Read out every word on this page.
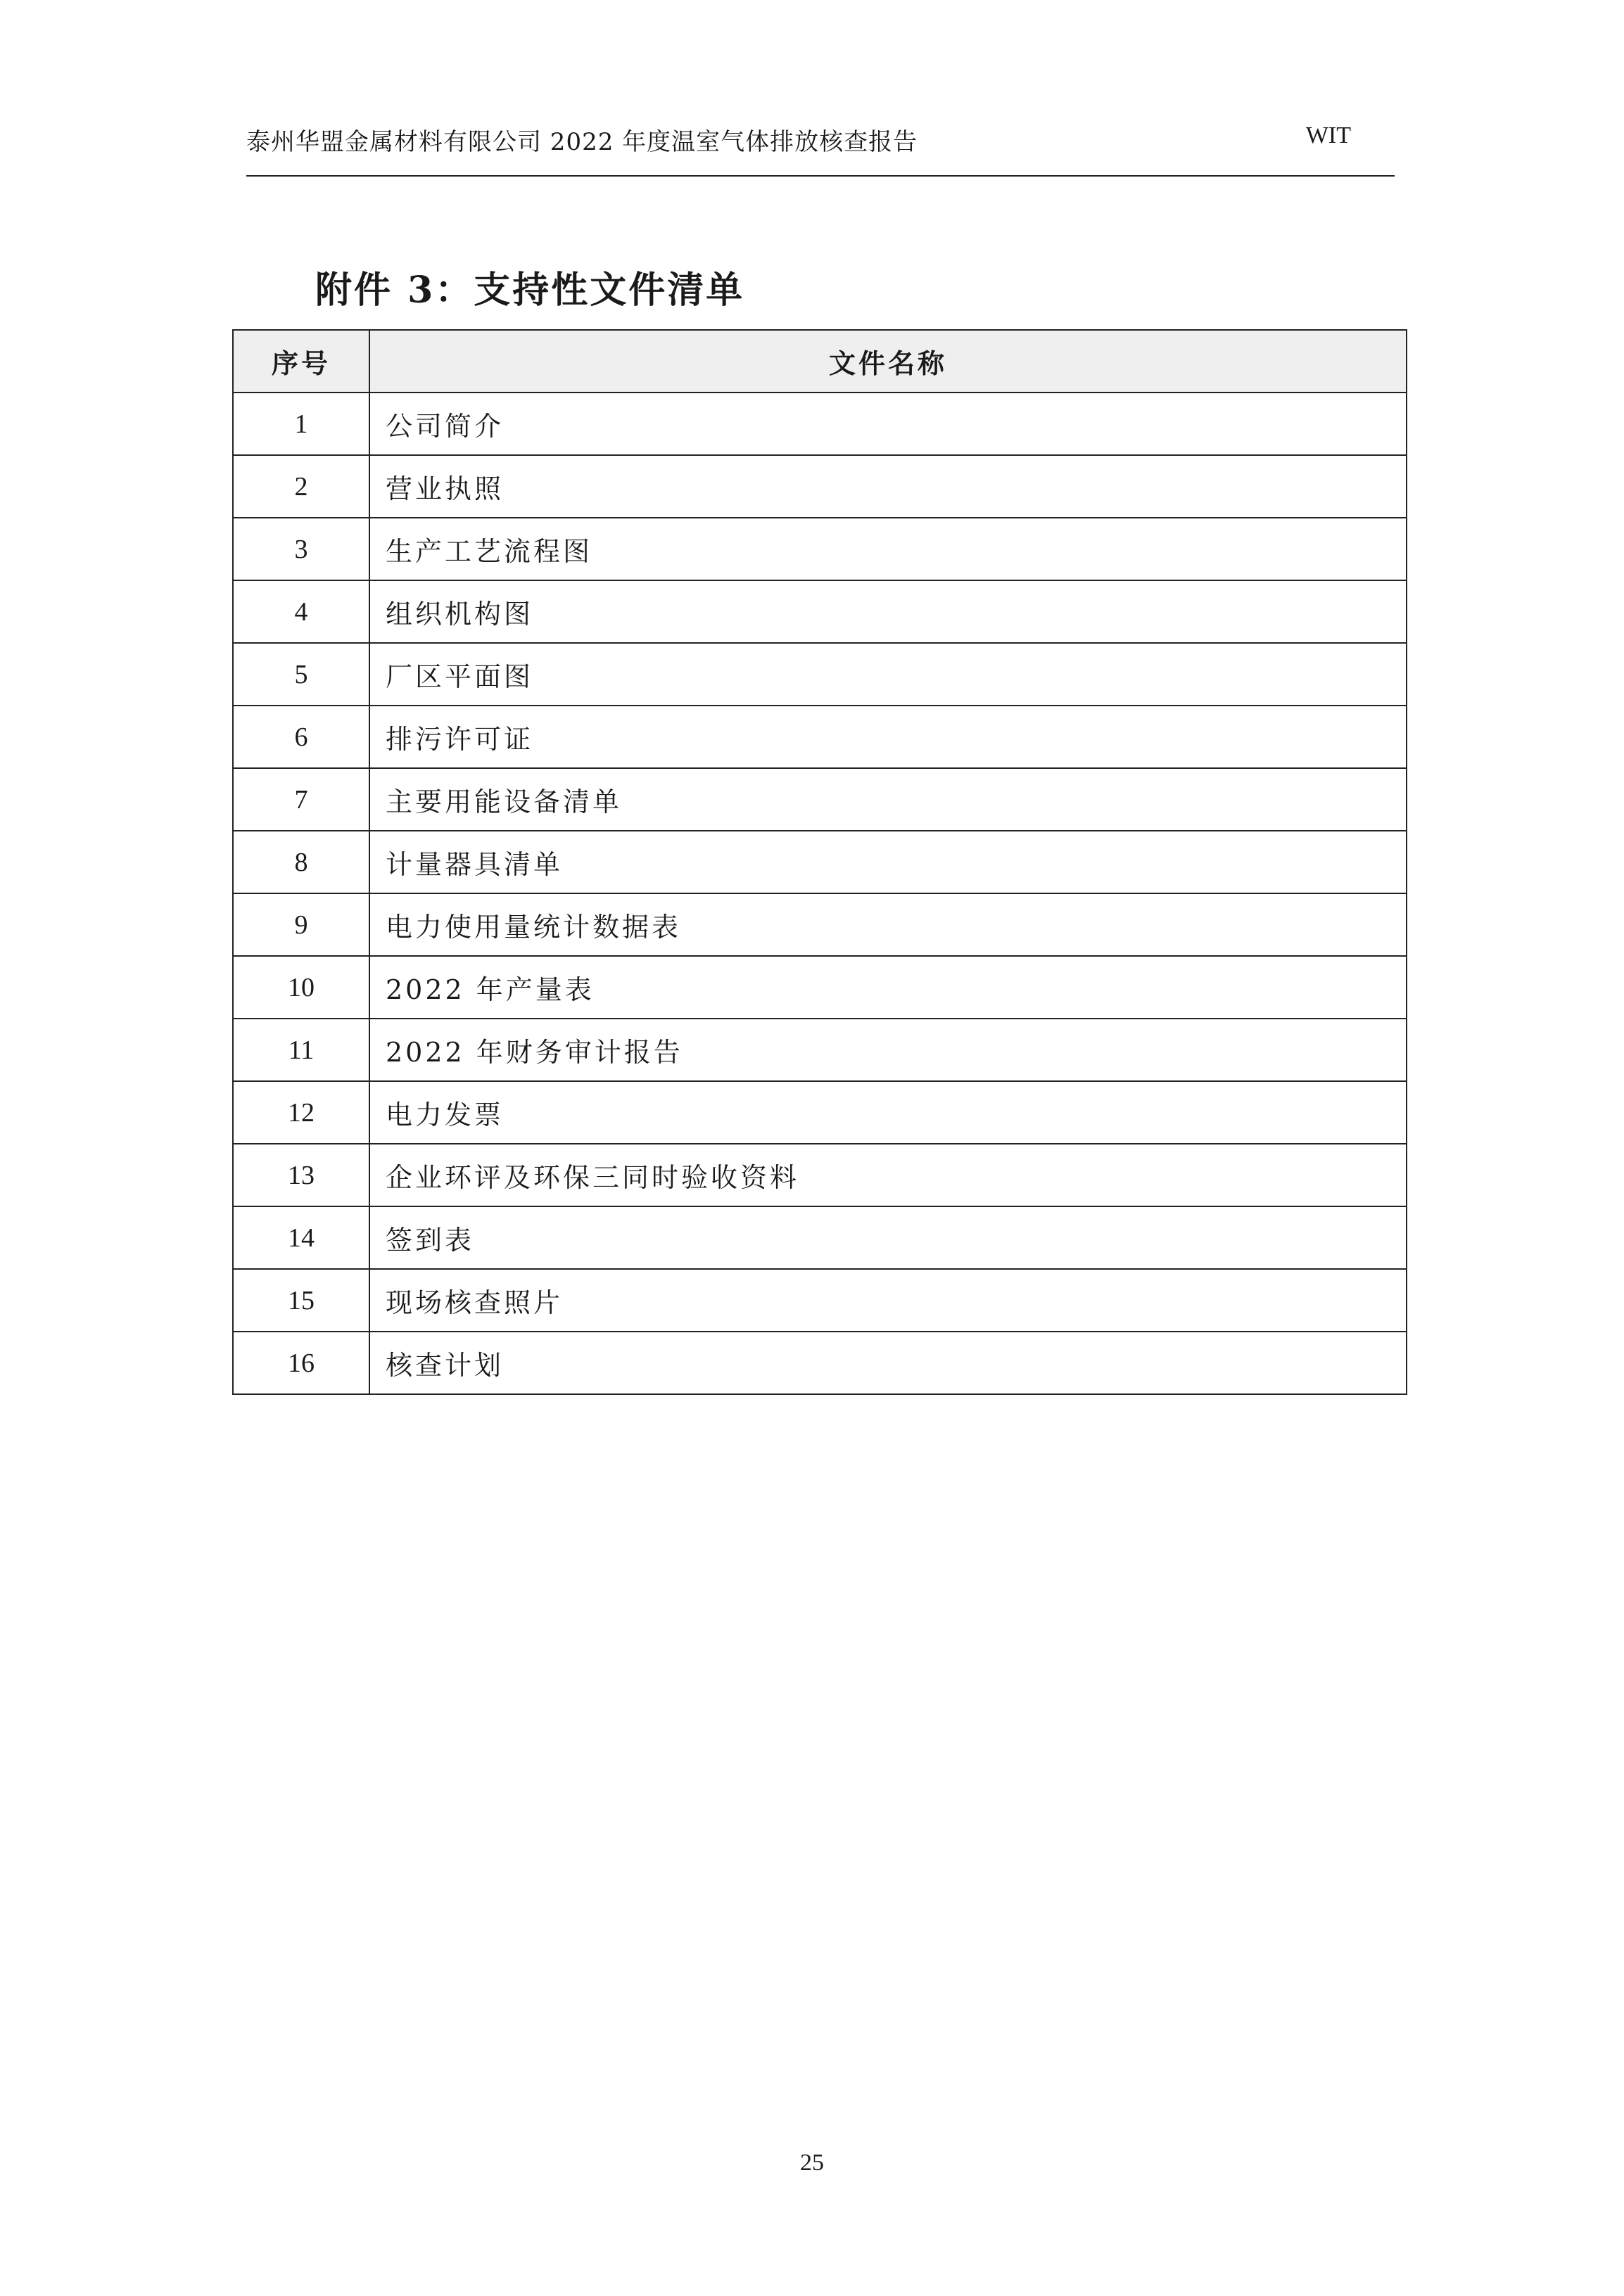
泰州华盟金属材料有限公司 2022 年度温室气体排放核查报告	WIT
附件 3：支持性文件清单
序号	文件名称
1	公司简介
2	营业执照
3	生产工艺流程图
4	组织机构图
5	厂区平面图
6	排污许可证
7	主要用能设备清单
8	计量器具清单
9	电力使用量统计数据表
10	2022 年产量表
11	2022 年财务审计报告
12	电力发票
13	企业环评及环保三同时验收资料
14	签到表
15	现场核查照片
16	核查计划
25
